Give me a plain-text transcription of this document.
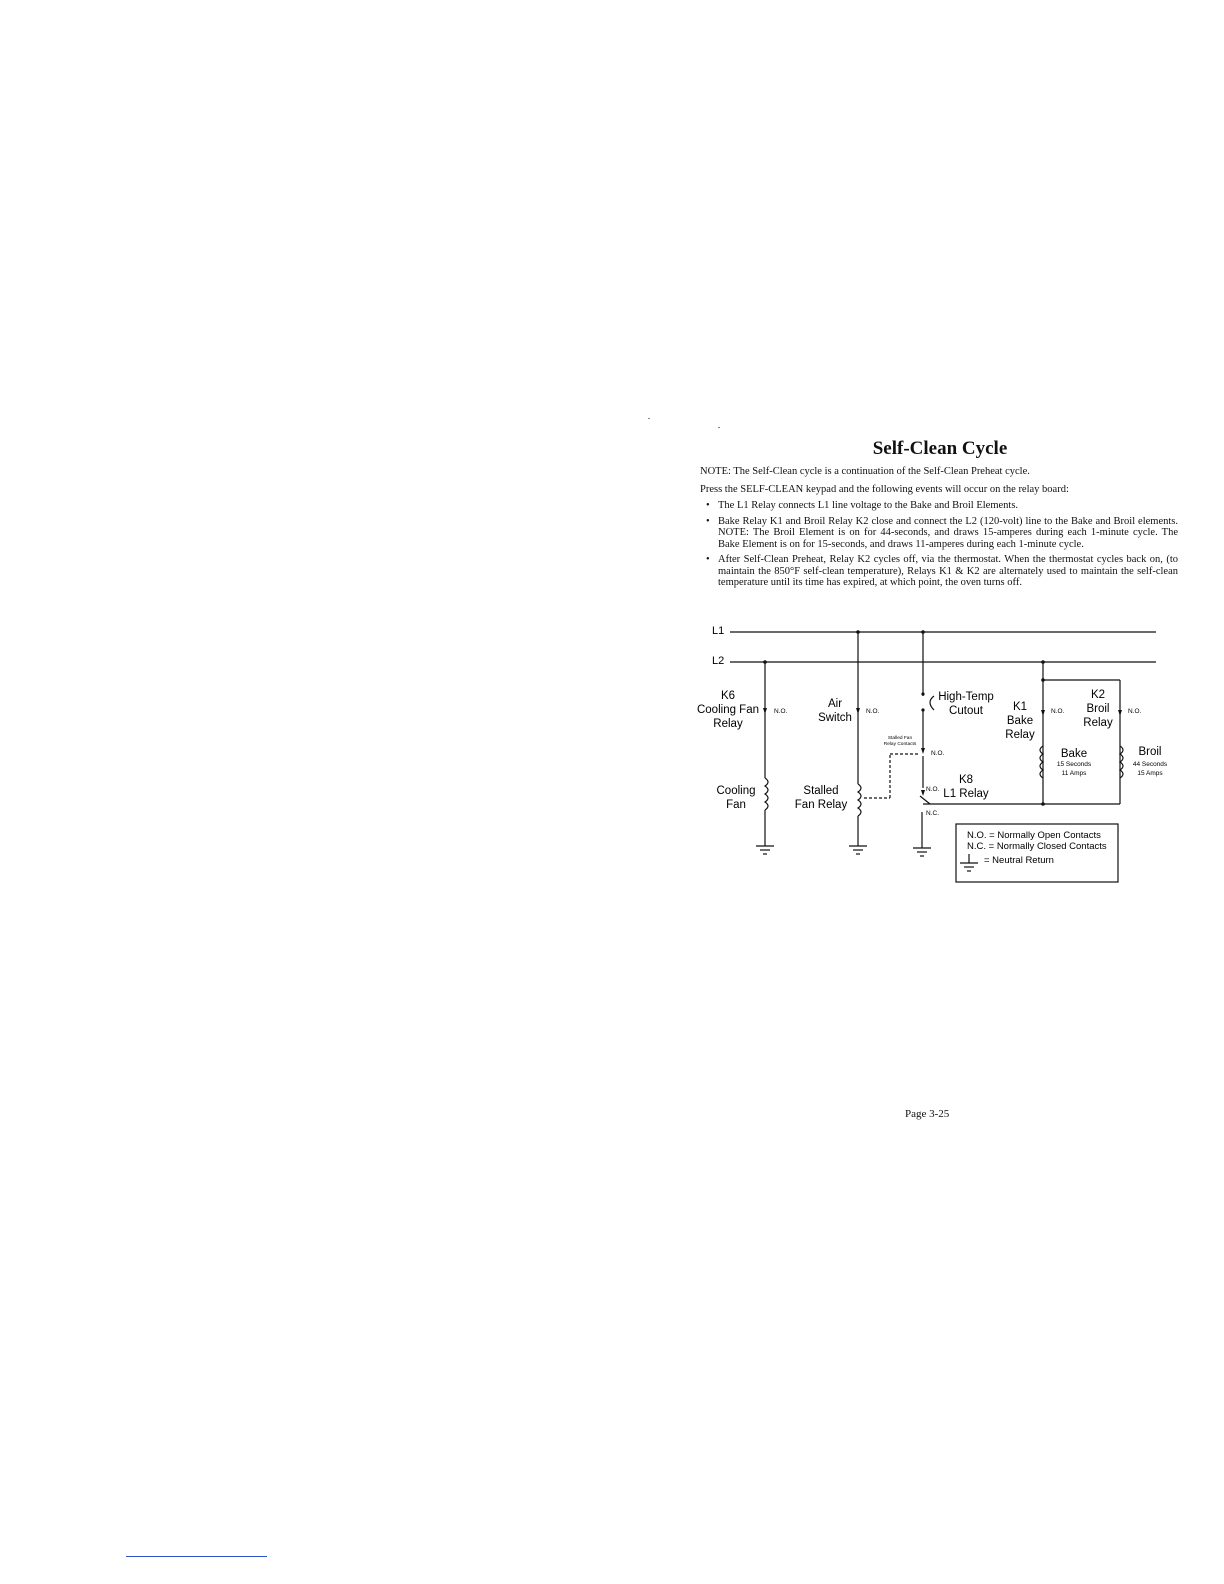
Self-Clean Cycle
NOTE: The Self-Clean cycle is a continuation of the Self-Clean Preheat cycle.
Press the SELF-CLEAN keypad and the following events will occur on the relay board:
• The L1 Relay connects L1 line voltage to the Bake and Broil Elements.
• Bake Relay K1 and Broil Relay K2 close and connect the L2 (120-volt) line to the Bake and Broil elements. NOTE: The Broil Element is on for 44-seconds, and draws 15-amperes during each 1-minute cycle. The Bake Element is on for 15-seconds, and draws 11-amperes during each 1-minute cycle.
• After Self-Clean Preheat, Relay K2 cycles off, via the thermostat. When the thermostat cycles back on, (to maintain the 850°F self-clean temperature), Relays K1 & K2 are alternately used to maintain the self-clean temperature until its time has expired, at which point, the oven turns off.
L1
L2
K6
Cooling Fan
Relay
N.O.
Cooling
Fan
Air
Switch
N.O.
Stalled
Fan Relay
Stalled Fan
Relay Contacts
N.O.
High-Temp
Cutout
K8
L1 Relay
N.O.
N.C.
K1
Bake
Relay
N.O.
K2
Broil
Relay
N.O.
Bake
15 Seconds
11 Amps
Broil
44 Seconds
15 Amps
N.O. = Normally Open Contacts
N.C. = Normally Closed Contacts
= Neutral Return
Page 3-25
